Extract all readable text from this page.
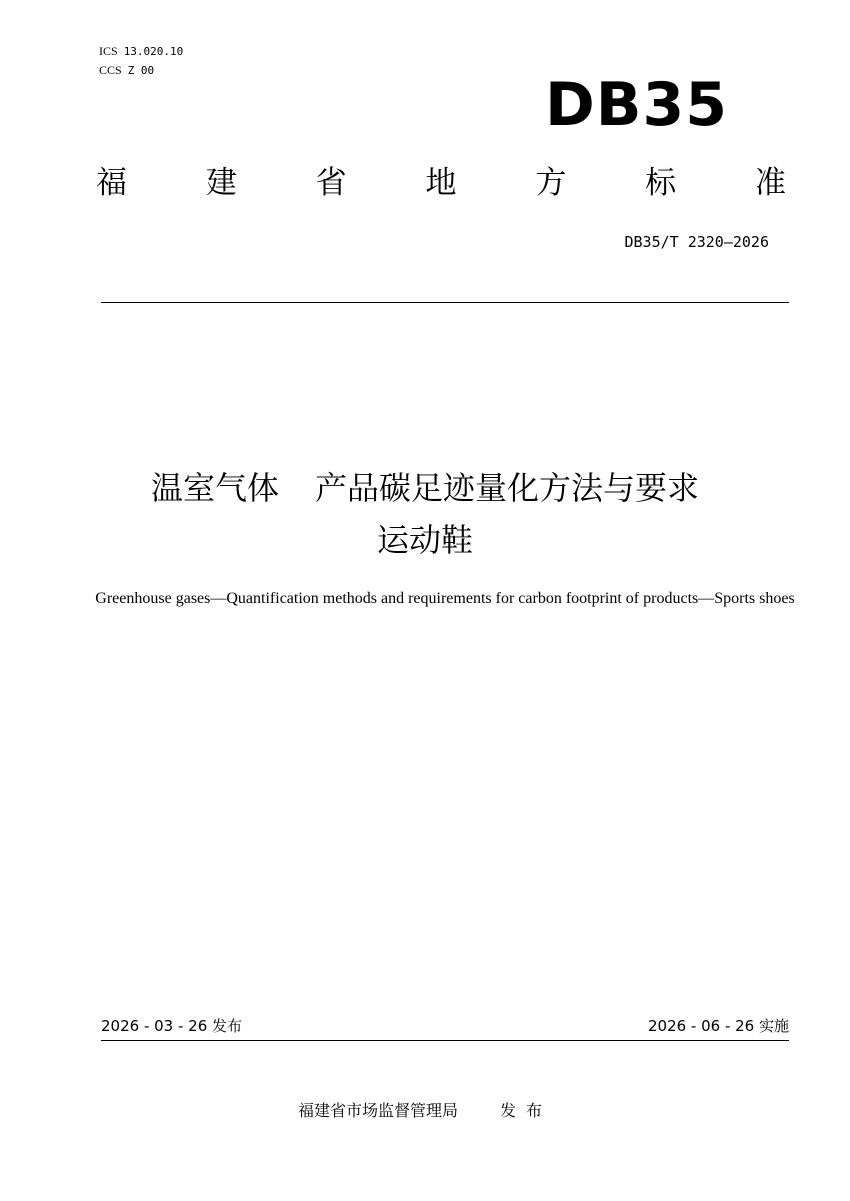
ICS 13.020.10
CCS Z 00	DB35
福	建	省	地	方	标	准
DB35/T 2320—2026
温室气体 产品碳足迹量化方法与要求
运动鞋
Greenhouse gases—Quantification methods and requirements for carbon footprint of products—Sports shoes
2026 - 03 - 26 发布	2026 - 06 - 26 实施
福建省市场监督管理局	发布
